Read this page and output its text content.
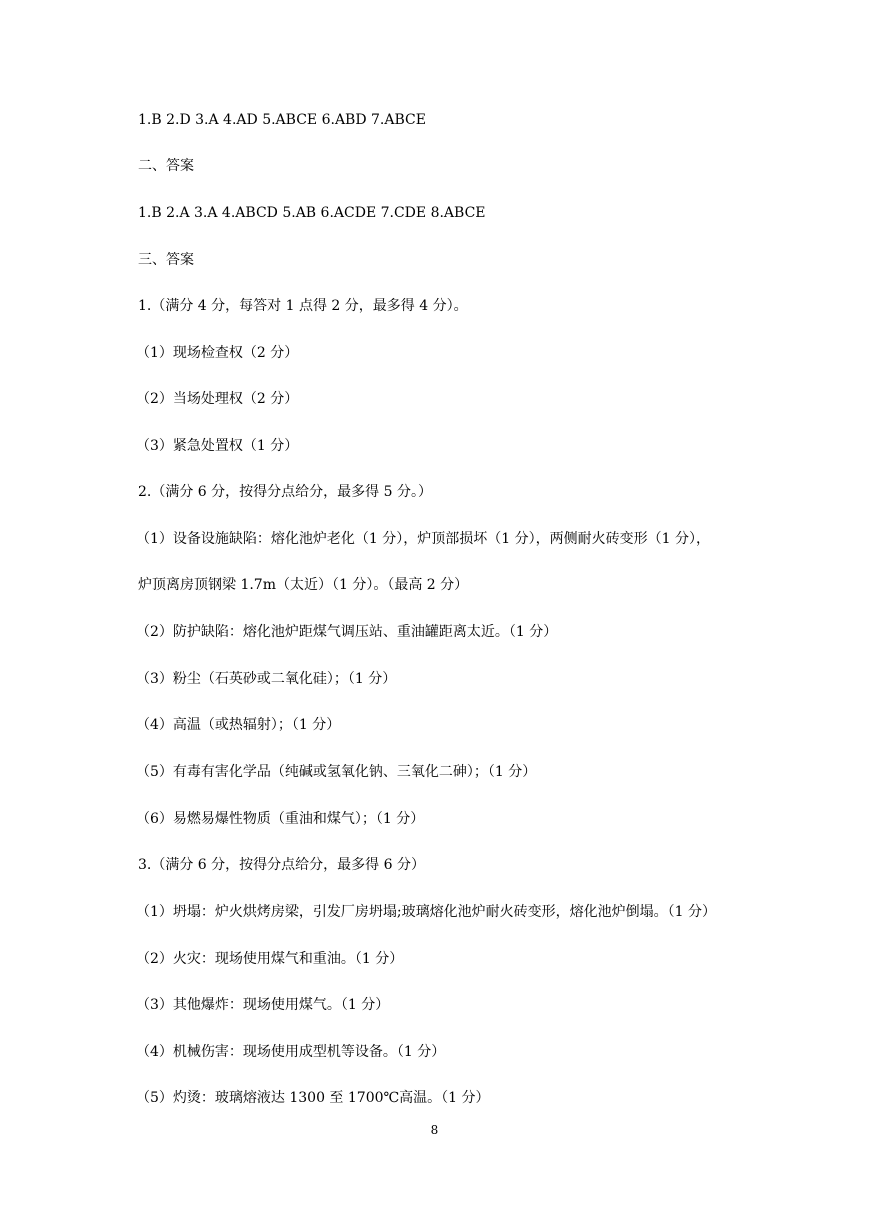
1.B 2.D 3.A 4.AD 5.ABCE 6.ABD 7.ABCE
二、答案
1.B 2.A 3.A 4.ABCD 5.AB 6.ACDE 7.CDE 8.ABCE
三、答案
1.（满分 4 分，每答对 1 点得 2 分，最多得 4 分）。
（1）现场检查权（2 分）
（2）当场处理权（2 分）
（3）紧急处置权（1 分）
2.（满分 6 分，按得分点给分，最多得 5 分。）
（1）设备设施缺陷：熔化池炉老化（1 分），炉顶部损坏（1 分），两侧耐火砖变形（1 分），
炉顶离房顶钢梁 1.7m（太近）（1 分）。（最高 2 分）
（2）防护缺陷：熔化池炉距煤气调压站、重油罐距离太近。（1 分）
（3）粉尘（石英砂或二氧化硅）；（1 分）
（4）高温（或热辐射）；（1 分）
（5）有毒有害化学品（纯碱或氢氧化钠、三氧化二砷）；（1 分）
（6）易燃易爆性物质（重油和煤气）；（1 分）
3.（满分 6 分，按得分点给分，最多得 6 分）
（1）坍塌：炉火烘烤房梁，引发厂房坍塌;玻璃熔化池炉耐火砖变形，熔化池炉倒塌。（1 分）
（2）火灾：现场使用煤气和重油。（1 分）
（3）其他爆炸：现场使用煤气。（1 分）
（4）机械伤害：现场使用成型机等设备。（1 分）
（5）灼烫：玻璃熔液达 1300 至 1700℃高温。（1 分）
8
